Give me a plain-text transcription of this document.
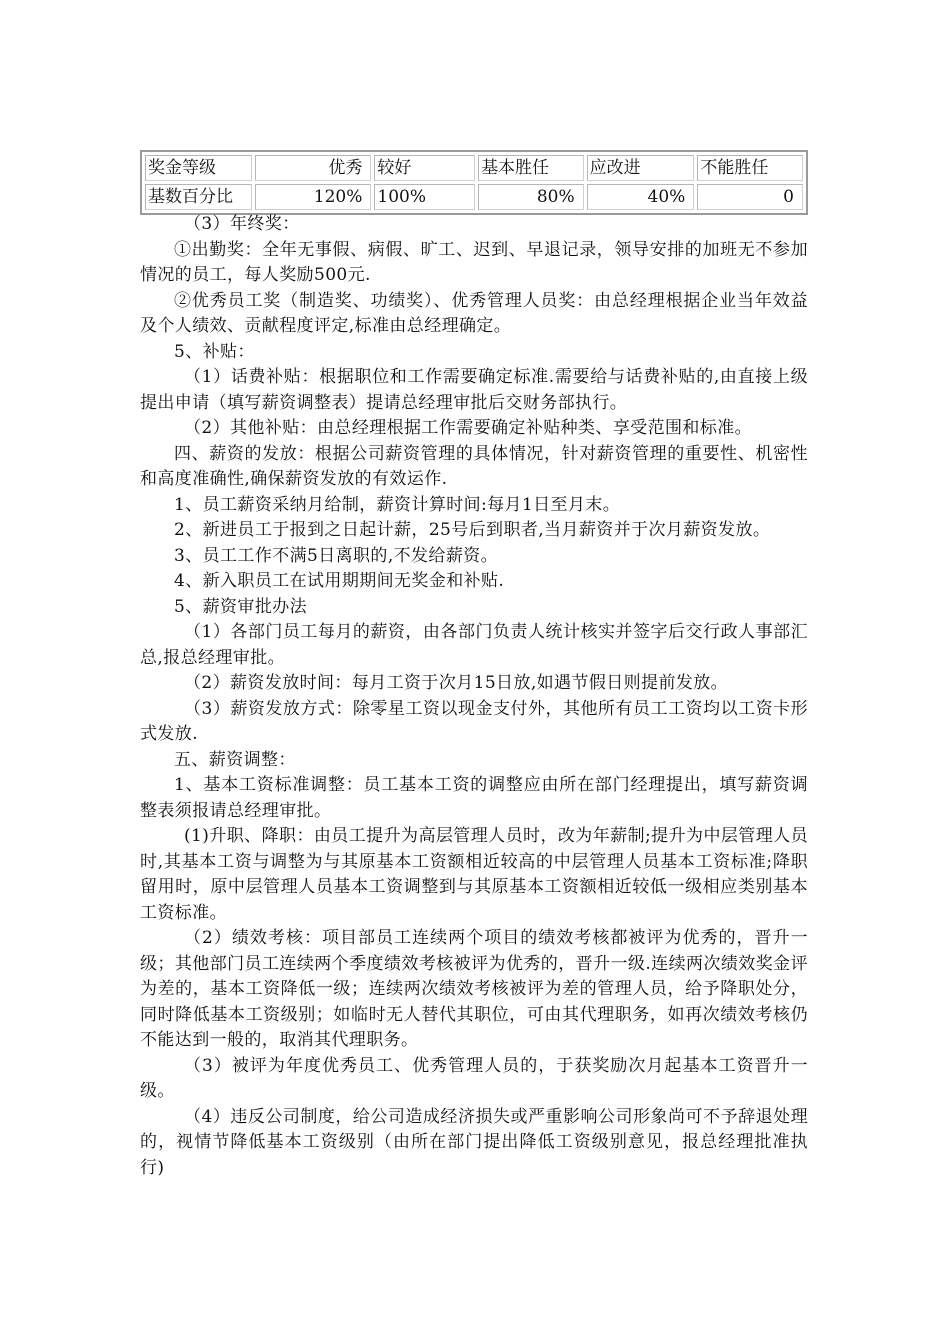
奖金等级	优秀	较好	基本胜任	应改进	不能胜任
基数百分比	120%	100%	80%	40%	0

（3）年终奖：

①出勤奖：全年无事假、病假、旷工、迟到、早退记录，领导安排的加班无不参加情况的员工，每人奖励500元.

②优秀员工奖（制造奖、功绩奖）、优秀管理人员奖：由总经理根据企业当年效益及个人绩效、贡献程度评定,标准由总经理确定。

5、补贴：

（1）话费补贴：根据职位和工作需要确定标准.需要给与话费补贴的,由直接上级提出申请（填写薪资调整表）提请总经理审批后交财务部执行。

（2）其他补贴：由总经理根据工作需要确定补贴种类、享受范围和标准。

四、薪资的发放：根据公司薪资管理的具体情况，针对薪资管理的重要性、机密性和高度准确性,确保薪资发放的有效运作.

1、员工薪资采纳月给制，薪资计算时间:每月1日至月末。

2、新进员工于报到之日起计薪，25号后到职者,当月薪资并于次月薪资发放。

3、员工工作不满5日离职的,不发给薪资。

4、新入职员工在试用期期间无奖金和补贴.

5、薪资审批办法

（1）各部门员工每月的薪资，由各部门负责人统计核实并签字后交行政人事部汇总,报总经理审批。

（2）薪资发放时间：每月工资于次月15日放,如遇节假日则提前发放。

（3）薪资发放方式：除零星工资以现金支付外，其他所有员工工资均以工资卡形式发放.

五、薪资调整：

1、基本工资标准调整：员工基本工资的调整应由所在部门经理提出，填写薪资调整表须报请总经理审批。

(1)升职、降职：由员工提升为高层管理人员时，改为年薪制;提升为中层管理人员时,其基本工资与调整为与其原基本工资额相近较高的中层管理人员基本工资标准;降职留用时，原中层管理人员基本工资调整到与其原基本工资额相近较低一级相应类别基本工资标准。

（2）绩效考核：项目部员工连续两个项目的绩效考核都被评为优秀的，晋升一级；其他部门员工连续两个季度绩效考核被评为优秀的，晋升一级.连续两次绩效奖金评为差的，基本工资降低一级；连续两次绩效考核被评为差的管理人员，给予降职处分，同时降低基本工资级别；如临时无人替代其职位，可由其代理职务，如再次绩效考核仍不能达到一般的，取消其代理职务。

（3）被评为年度优秀员工、优秀管理人员的，于获奖励次月起基本工资晋升一级。

（4）违反公司制度，给公司造成经济损失或严重影响公司形象尚可不予辞退处理的，视情节降低基本工资级别（由所在部门提出降低工资级别意见，报总经理批准执行)
